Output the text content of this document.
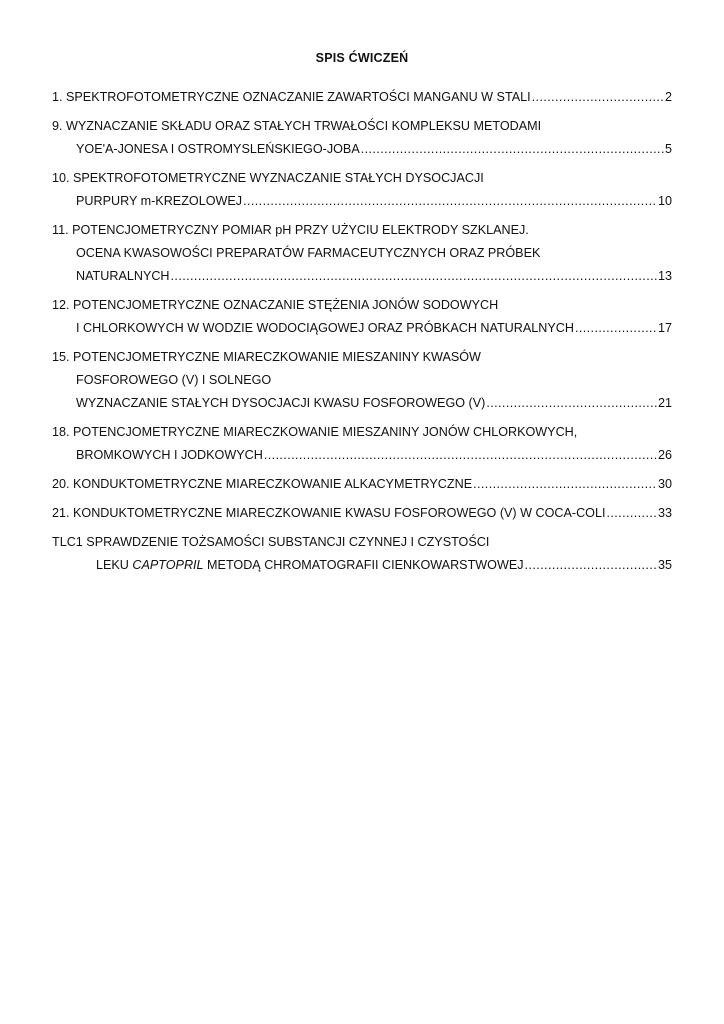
SPIS ĆWICZEŃ
1. SPEKTROFOTOMETRYCZNE OZNACZANIE ZAWARTOŚCI MANGANU W STALI .....	2
9. WYZNACZANIE SKŁADU ORAZ STAŁYCH TRWAŁOŚCI KOMPLEKSU METODAMI
YOE'A-JONESA I OSTROMYSLEŃSKIEGO-JOBA .....	5
10. SPEKTROFOTOMETRYCZNE WYZNACZANIE STAŁYCH DYSOCJACJI
PURPURY m-KREZOLOWEJ .....	10
11. POTENCJOMETRYCZNY POMIAR pH PRZY UŻYCIU ELEKTRODY SZKLANEJ.
OCENA KWASOWOŚCI PREPARATÓW FARMACEUTYCZNYCH ORAZ PRÓBEK
NATURALNYCH .....	13
12. POTENCJOMETRYCZNE OZNACZANIE STĘŻENIA JONÓW SODOWYCH
I CHLORKOWYCH W WODZIE WODOCIĄGOWEJ ORAZ PRÓBKACH NATURALNYCH .....	17
15. POTENCJOMETRYCZNE MIARECZKOWANIE MIESZANINY KWASÓW
FOSFOROWEGO (V) I SOLNEGO
WYZNACZANIE STAŁYCH DYSOCJACJI KWASU FOSFOROWEGO (V) .....	21
18. POTENCJOMETRYCZNE MIARECZKOWANIE MIESZANINY JONÓW CHLORKOWYCH,
BROMKOWYCH I JODKOWYCH .....	26
20. KONDUKTOMETRYCZNE MIARECZKOWANIE ALKACYMETRYCZNE .....	30
21. KONDUKTOMETRYCZNE MIARECZKOWANIE KWASU FOSFOROWEGO (V) W COCA-COLI .....	33
TLC1 SPRAWDZENIE TOŻSAMOŚCI SUBSTANCJI CZYNNEJ I CZYSTOŚCI
LEKU CAPTOPRIL METODĄ CHROMATOGRAFII CIENKOWARSTWOWEJ .....	35
